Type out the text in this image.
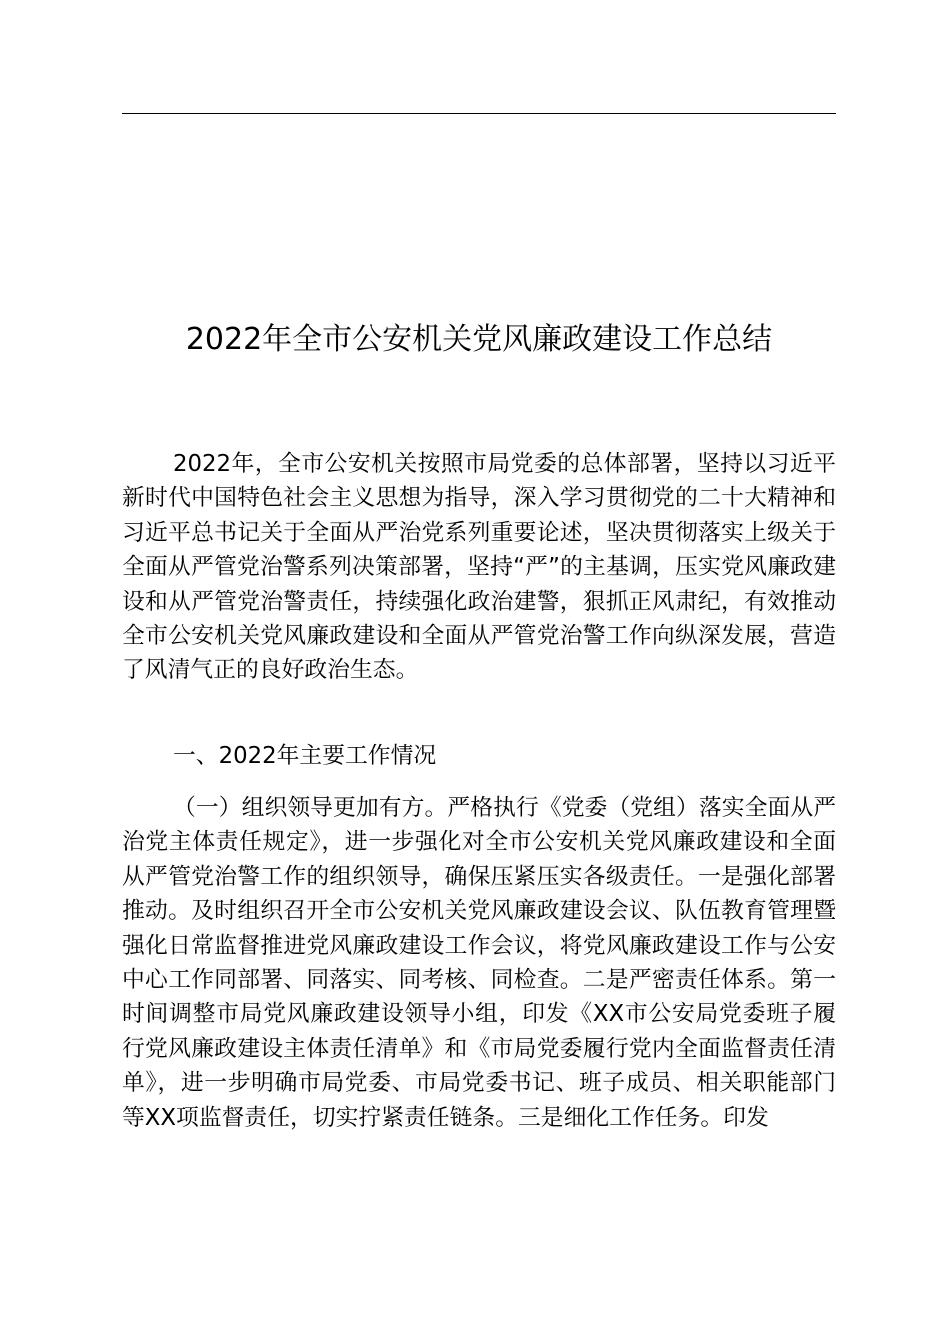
2022年全市公安机关党风廉政建设工作总结

2022年，全市公安机关按照市局党委的总体部署，坚持以习近平新时代中国特色社会主义思想为指导，深入学习贯彻党的二十大精神和习近平总书记关于全面从严治党系列重要论述，坚决贯彻落实上级关于全面从严管党治警系列决策部署，坚持“严”的主基调，压实党风廉政建设和从严管党治警责任，持续强化政治建警，狠抓正风肃纪，有效推动全市公安机关党风廉政建设和全面从严管党治警工作向纵深发展，营造了风清气正的良好政治生态。

一、2022年主要工作情况

（一）组织领导更加有方。严格执行《党委（党组）落实全面从严治党主体责任规定》，进一步强化对全市公安机关党风廉政建设和全面从严管党治警工作的组织领导，确保压紧压实各级责任。一是强化部署推动。及时组织召开全市公安机关党风廉政建设会议、队伍教育管理暨强化日常监督推进党风廉政建设工作会议，将党风廉政建设工作与公安中心工作同部署、同落实、同考核、同检查。二是严密责任体系。第一时间调整市局党风廉政建设领导小组，印发《XX市公安局党委班子履行党风廉政建设主体责任清单》和《市局党委履行党内全面监督责任清单》，进一步明确市局党委、市局党委书记、班子成员、相关职能部门等XX项监督责任，切实拧紧责任链条。三是细化工作任务。印发
